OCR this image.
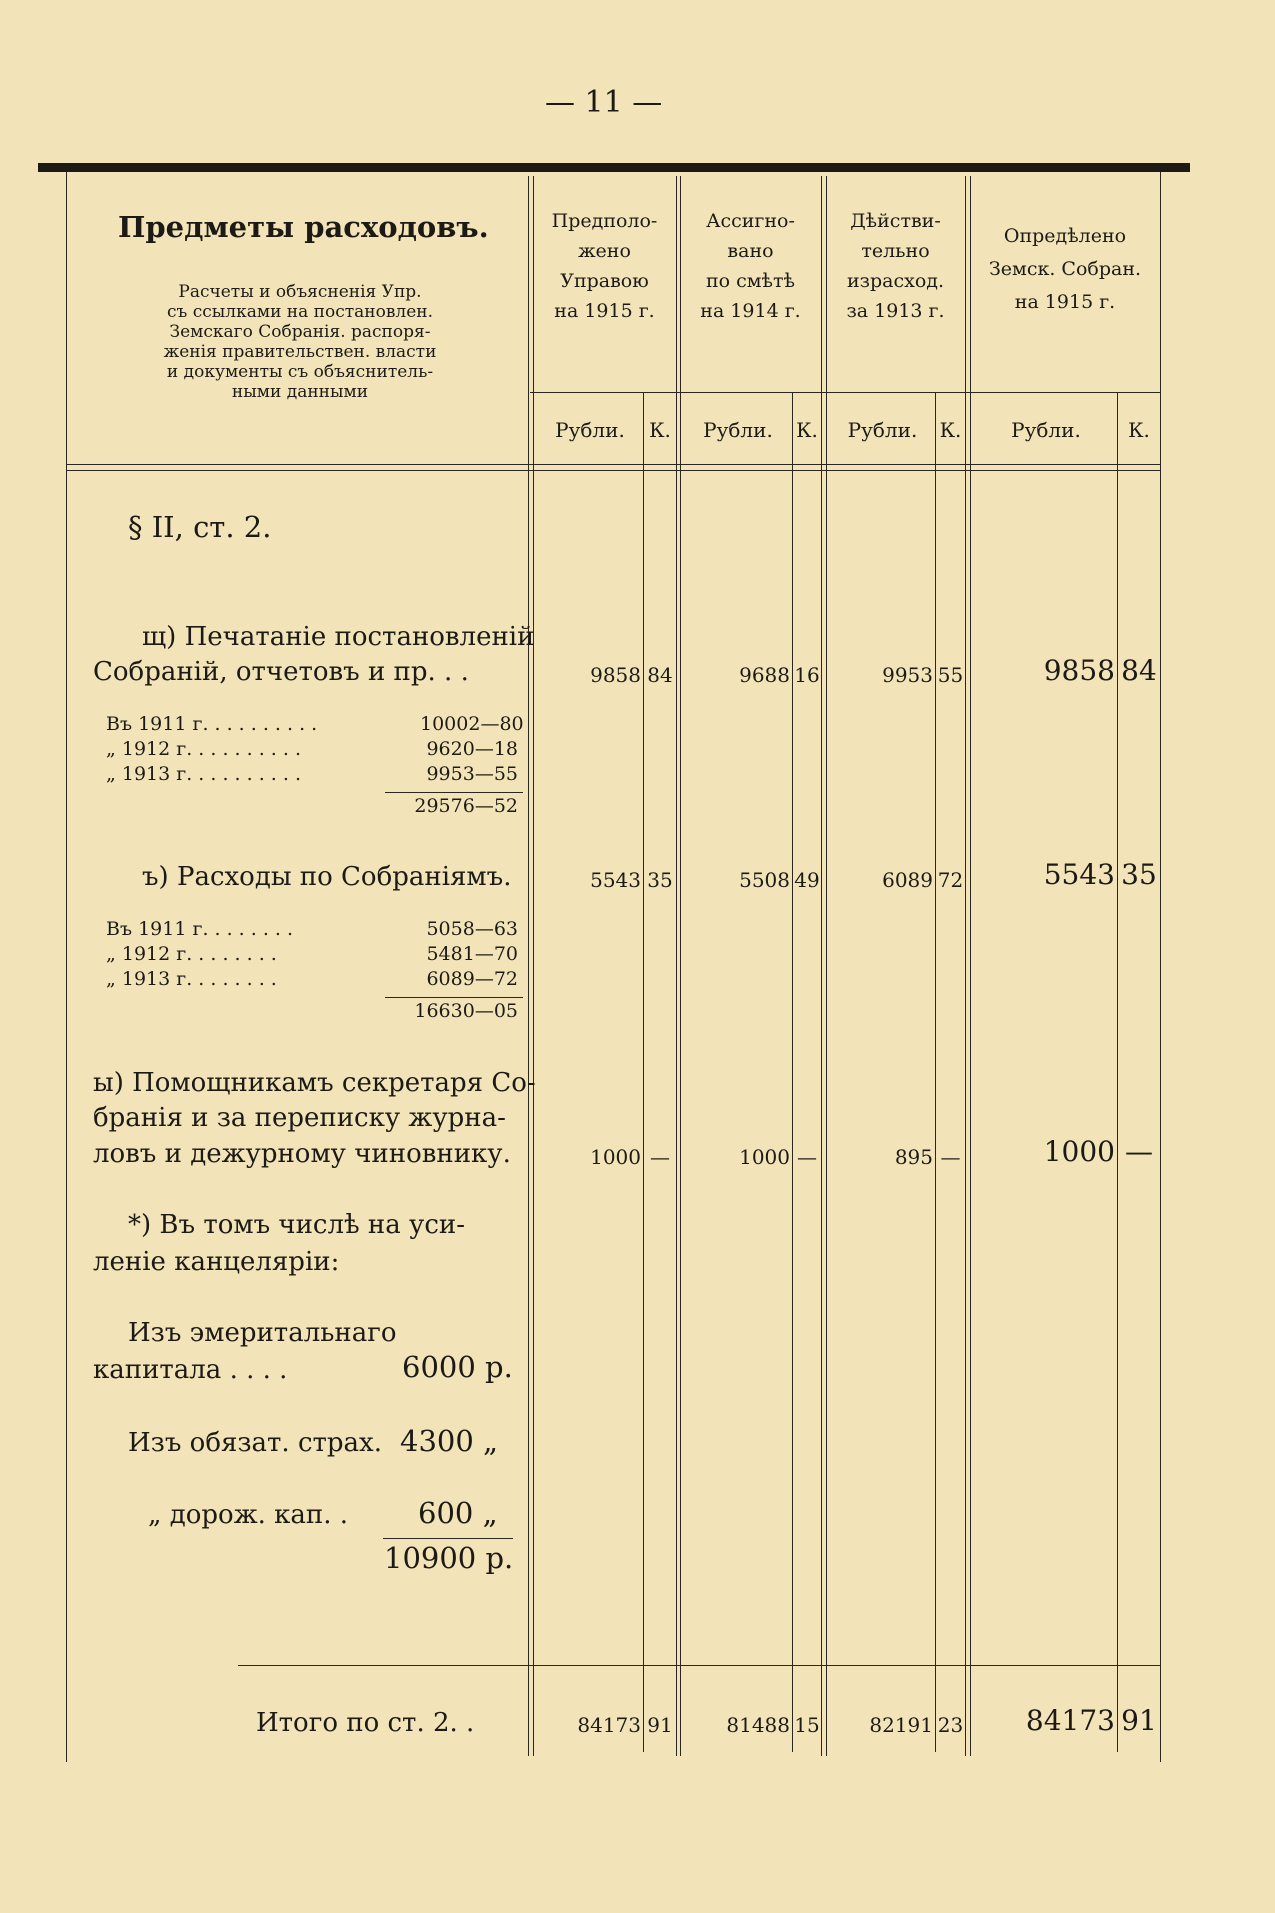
— 11 —
Предметы расходовъ.
Расчеты и объясненія Упр.
съ ссылками на постановлен.
Земскаго Собранія. распоря-
женія правительствен. власти
и документы съ объяснитель-
ными данными
Предполо-
жено
Управою
на 1915 г.
Ассигно-
вано
по смѣтѣ
на 1914 г.
Дѣйстви-
тельно
израсход.
за 1913 г.
Опредѣлено
Земск. Собран.
на 1915 г.
Рубли.	К.	Рубли.	К.	Рубли.	К.	Рубли.	К.
§ II, ст. 2.
щ) Печатаніе постановленій
Собраній, отчетовъ и пр. . .	9858 84	9688 16	9953 55	9858 84
Въ 1911 г. . . . . . . . . .	10002—80
„ 1912 г. . . . . . . . . .	9620—18
„ 1913 г. . . . . . . . . .	9953—55
29576—52
ъ) Расходы по Собраніямъ.	5543 35	5508 49	6089 72	5543 35
Въ 1911 г. . . . . . . .	5058—63
„ 1912 г. . . . . . . .	5481—70
„ 1913 г. . . . . . . .	6089—72
16630—05
ы) Помощникамъ секретаря Со-
бранія и за переписку журна-
ловъ и дежурному чиновнику.	1000 —	1000 —	895 —	1000 —
*) Въ томъ числѣ на уси-
леніе канцеляріи:
Изъ эмеритальнаго
капитала . . . .	6000 р.
Изъ обязат. страх. 4300 „
„ дорож. кап. . 600 „
10900 р.
Итого по ст. 2. .	84173 91	81488 15	82191 23	84173 91
